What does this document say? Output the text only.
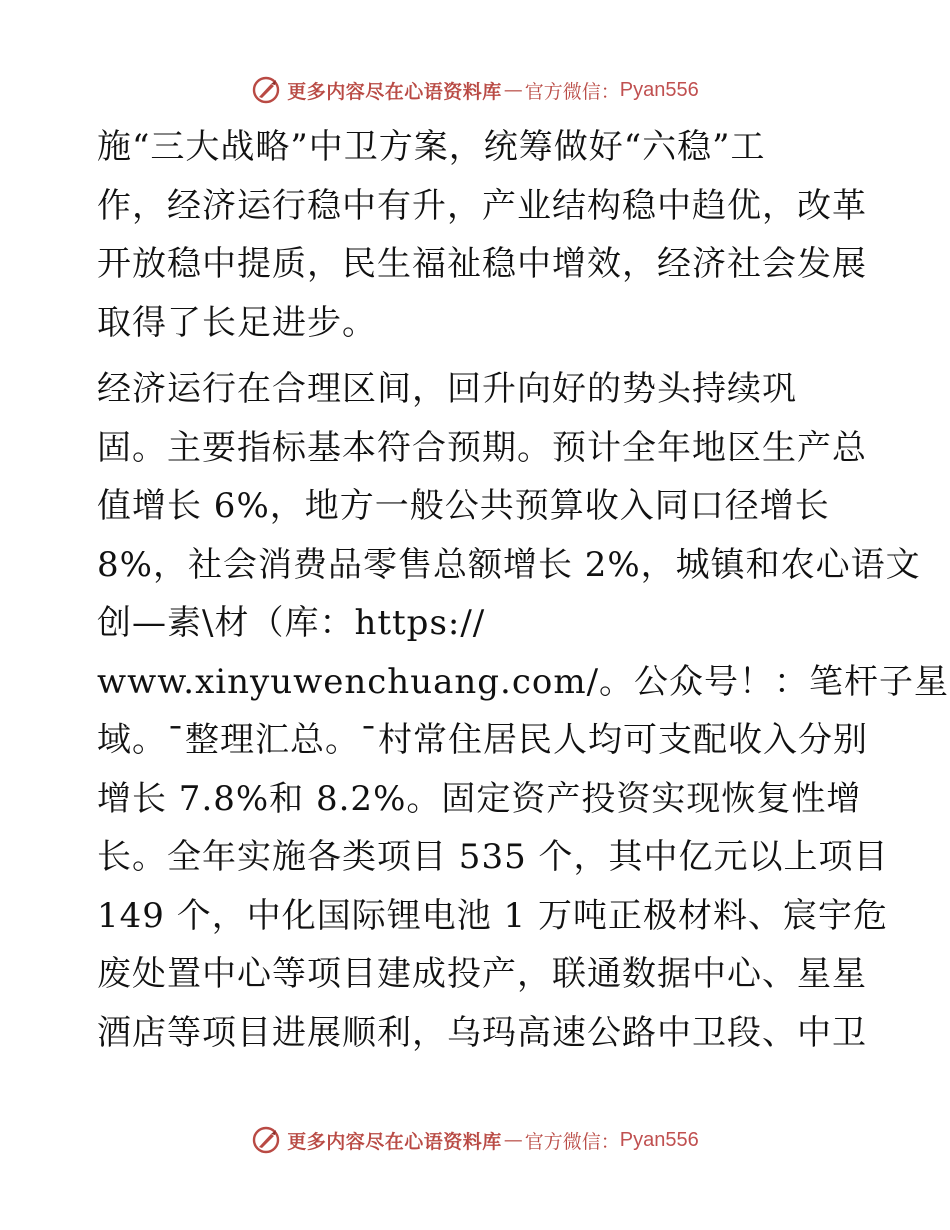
更多内容尽在心语资料库 — 官方微信： Pyan556
施“三大战略”中卫方案，统筹做好“六稳”工
作，经济运行稳中有升，产业结构稳中趋优，改革
开放稳中提质，民生福祉稳中增效，经济社会发展
取得了长足进步。
经济运行在合理区间，回升向好的势头持续巩
固。主要指标基本符合预期。预计全年地区生产总
值增长 6%，地方一般公共预算收入同口径增长
8%，社会消费品零售总额增长 2%，城镇和农心语文
创—素\材（库：https://
www.xinyuwenchuang.com/。公众号！：笔杆子星
域。¯整理汇总。¯村常住居民人均可支配收入分别
增长 7.8%和 8.2%。固定资产投资实现恢复性增
长。全年实施各类项目 535 个，其中亿元以上项目
149 个，中化国际锂电池 1 万吨正极材料、宸宇危
废处置中心等项目建成投产，联通数据中心、星星
酒店等项目进展顺利，乌玛高速公路中卫段、中卫
更多内容尽在心语资料库 — 官方微信： Pyan556
